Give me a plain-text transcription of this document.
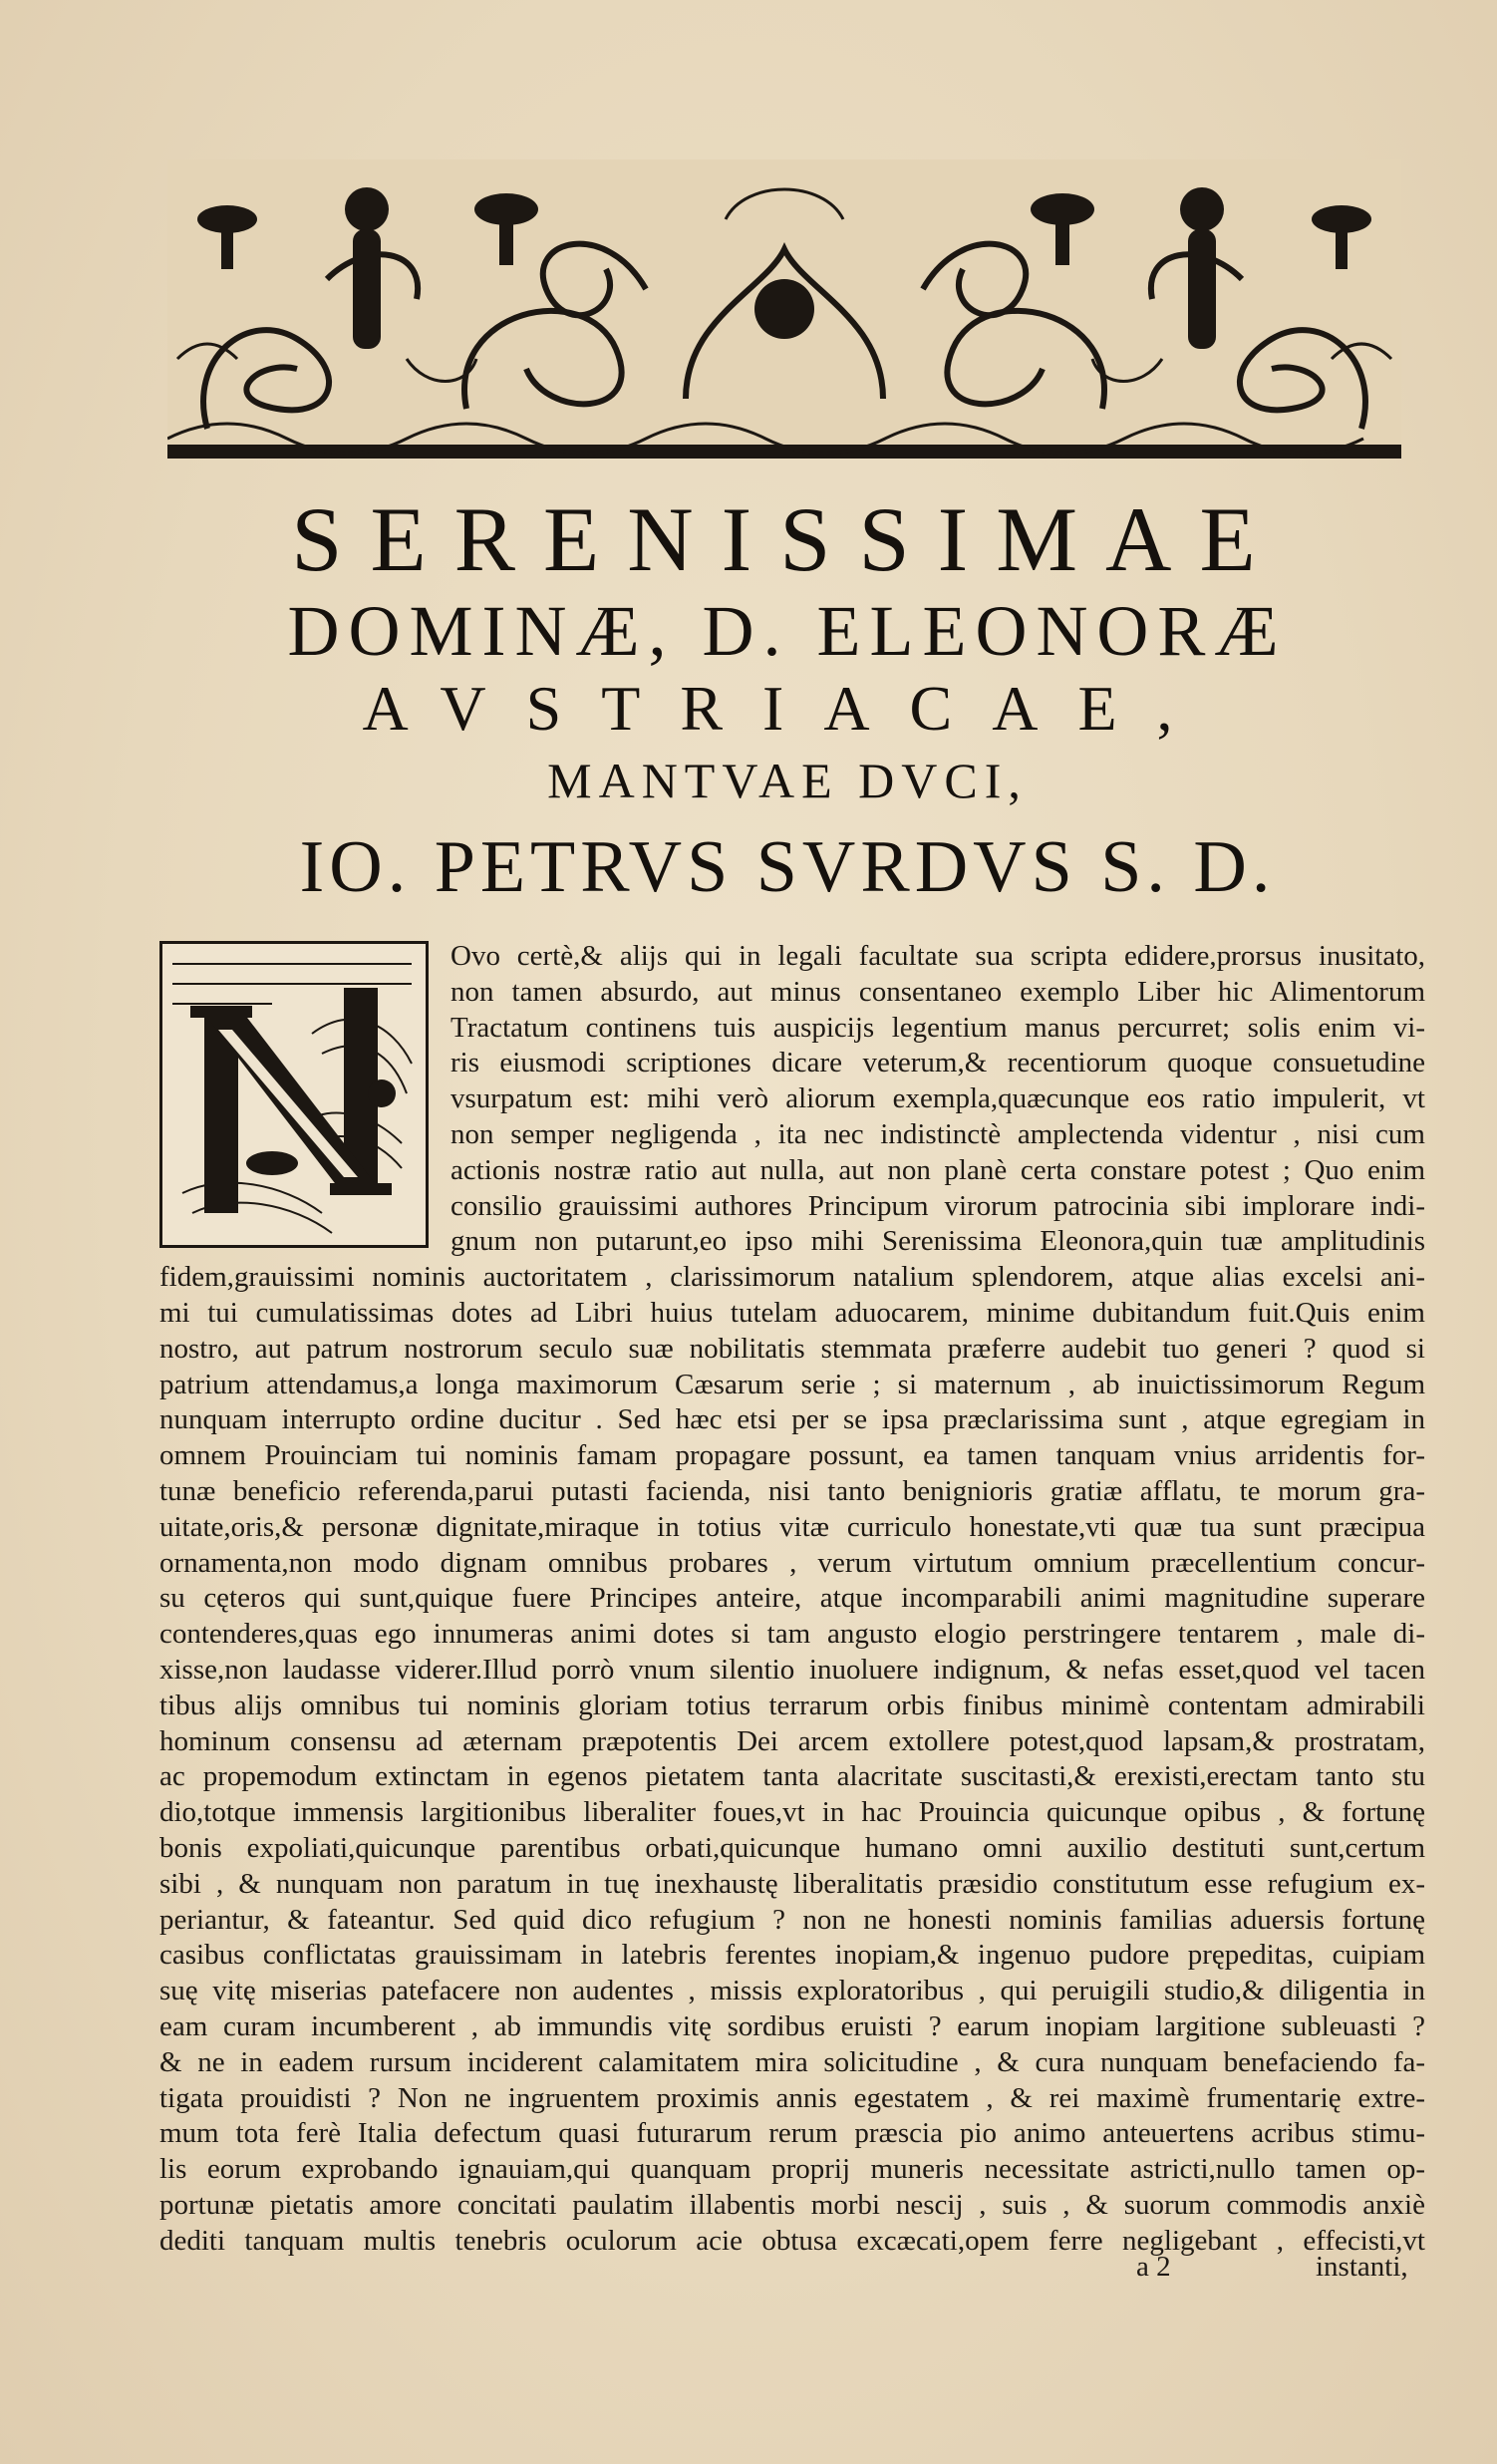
SERENISSIMAE
DOMINÆ, D. ELEONORÆ
AVSTRIACAE,
MANTVAE DVCI,
IO. PETRVS SVRDVS S. D.
Ovo certè,& alijs qui in legali facultate sua scripta edidere,prorsus inusitato,
non tamen absurdo, aut minus consentaneo exemplo Liber hic Alimentorum
Tractatum continens tuis auspicijs legentium manus percurret; solis enim vi-
ris eiusmodi scriptiones dicare veterum,& recentiorum quoque consuetudine
vsurpatum est: mihi verò aliorum exempla,quæcunque eos ratio impulerit, vt
non semper negligenda , ita nec indistinctè amplectenda videntur , nisi cum
actionis nostræ ratio aut nulla, aut non planè certa constare potest ; Quo enim
consilio grauissimi authores Principum virorum patrocinia sibi implorare indi-
gnum non putarunt,eo ipso mihi Serenissima Eleonora,quin tuæ amplitudinis
fidem,grauissimi nominis auctoritatem , clarissimorum natalium splendorem, atque alias excelsi ani-
mi tui cumulatissimas dotes ad Libri huius tutelam aduocarem, minime dubitandum fuit.Quis enim
nostro, aut patrum nostrorum seculo suæ nobilitatis stemmata præferre audebit tuo generi ? quod si
patrium attendamus,a longa maximorum Cæsarum serie ; si maternum , ab inuictissimorum Regum
nunquam interrupto ordine ducitur . Sed hæc etsi per se ipsa præclarissima sunt , atque egregiam in
omnem Prouinciam tui nominis famam propagare possunt, ea tamen tanquam vnius arridentis for-
tunæ beneficio referenda,parui putasti facienda, nisi tanto benignioris gratiæ afflatu, te morum gra-
uitate,oris,& personæ dignitate,miraque in totius vitæ curriculo honestate,vti quæ tua sunt præcipua
ornamenta,non modo dignam omnibus probares , verum virtutum omnium præcellentium concur-
su cęteros qui sunt,quique fuere Principes anteire, atque incomparabili animi magnitudine superare
contenderes,quas ego innumeras animi dotes si tam angusto elogio perstringere tentarem , male di-
xisse,non laudasse viderer.Illud porrò vnum silentio inuoluere indignum, & nefas esset,quod vel tacen
tibus alijs omnibus tui nominis gloriam totius terrarum orbis finibus minimè contentam admirabili
hominum consensu ad æternam præpotentis Dei arcem extollere potest,quod lapsam,& prostratam,
ac propemodum extinctam in egenos pietatem tanta alacritate suscitasti,& erexisti,erectam tanto stu
dio,totque immensis largitionibus liberaliter foues,vt in hac Prouincia quicunque opibus , & fortunę
bonis expoliati,quicunque parentibus orbati,quicunque humano omni auxilio destituti sunt,certum
sibi , & nunquam non paratum in tuę inexhaustę liberalitatis præsidio constitutum esse refugium ex-
periantur, & fateantur. Sed quid dico refugium ? non ne honesti nominis familias aduersis fortunę
casibus conflictatas grauissimam in latebris ferentes inopiam,& ingenuo pudore prępeditas, cuipiam
suę vitę miserias patefacere non audentes , missis exploratoribus , qui peruigili studio,& diligentia in
eam curam incumberent , ab immundis vitę sordibus eruisti ? earum inopiam largitione subleuasti ?
& ne in eadem rursum inciderent calamitatem mira solicitudine , & cura nunquam benefaciendo fa-
tigata prouidisti ? Non ne ingruentem proximis annis egestatem , & rei maximè frumentarię extre-
mum tota ferè Italia defectum quasi futurarum rerum præscia pio animo anteuertens acribus stimu-
lis eorum exprobando ignauiam,qui quanquam proprij muneris necessitate astricti,nullo tamen op-
portunæ pietatis amore concitati paulatim illabentis morbi nescij , suis , & suorum commodis anxiè
dediti tanquam multis tenebris oculorum acie obtusa excæcati,opem ferre negligebant , effecisti,vt
a 2	instanti,
